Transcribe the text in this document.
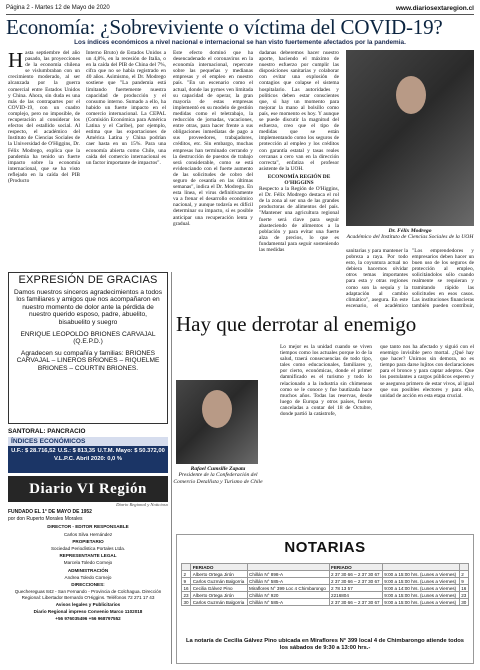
Página 2 - Martes 12 de Mayo de 2020	www.diariosextaregion.cl
Economía: ¿Sobreviviente o víctima del COVID-19?
Los índices económicos a nivel nacional e internacional se han visto fuertemente afectados por la pandemia.
H asta septiembre del año pasado, las proyecciones de la economía chilena se vislumbraban con un crecimiento moderado, al ser alcanzada por la guerra comercial entre Estados Unidos y China. Ahora, sin duda es una más de las contrapartes por el COVID-19, con un cuadro complejo, pero no imposible, de recuperación al considerar los efectos del estallido social. Al respecto, el académico del Instituto de Ciencias Sociales de la Universidad de O'Higgins, Dr. Félix Modrego, explica que la pandemia ha tenido un fuerte impacto sobre la economía internacional, que se ha visto reflejado en la caída del PIB (Producto
Interno Bruto) de Estados Unidos a un 4,8%, en la recesión de Italia, o en la caída del PIB de China del 7%, cifra que no se había registrado en 40 años. Asimismo, el Dr. Modrego sostiene que "La pandemia está limitando fuertemente nuestra capacidad de producción y el consumo interno. Sumado a ello, ha habido un fuerte impacto en el comercio internacional. La CEPAL (Comisión Económica para América Latina y el Caribe), por ejemplo, estima que las exportaciones de América Latina y China podrían caer hasta en un 15%. Para una economía abierta como Chile, una caída del comercio internacional es un factor importante de impactos".
Este efecto dominó que ha desencadenado el coronavirus en la economía internacional, repercute sobre las pequeñas y medianas empresas y el empleo en nuestro país. "En un escenario como el actual, donde las pymes ven limitada su capacidad de operar, la gran mayoría de estas empresas implementó en su modelo de gestión medidas como el teletrabajo, la reducción de jornadas, vacaciones, entre otras, para hacer frente a sus obligaciones inmediatas de pago a sus proveedores, trabajadores, créditos, etc. Sin embargo, muchas empresas han terminado cerrando y la destrucción de puestos de trabajo será considerable, como se está evidenciando con el fuerte aumento de las solicitudes de cobro del seguro de cesantía en las últimas semanas", indica el Dr. Modrego. En esta línea, el virus definitivamente va a frenar el desarrollo económico nacional, y aunque todavía es difícil determinar su impacto, sí es posible anticipar una recuperación lenta y gradual.

dadanas deberemos hacer nuestro aporte, haciendo el máximo de nuestro esfuerzo por cumplir las disposiciones sanitarias y colaborar con evitar una explosión de contagios que colapse el sistema hospitalario. Las autoridades y políticos deben estar conscientes que, si hay un momento para mejorar la mano al bolsillo como país, ese momento es hoy. Y aunque se puede discutir la magnitud del esfuerzo, creo que el tipo de medidas que se están implementando como los seguros de protección al empleo y los créditos con garantía estatal y tasas reales cercanas a cero van en la dirección correcta", enfatiza el profesor asistente de la UOH.

ECONOMÍA REGIÓN DE O'HIGGINS

Respecto a la Región de O'Higgins, el Dr. Félix Modrego destaca el rol de la zona al ser una de las grandes productoras de alimentos del país. "Mantener una agricultura regional fuerte será clave para seguir abasteciendo de alimentos a la población y para evitar una fuerte alza de precios, lo que es fundamental para seguir sosteniendo las medidas

Dr. Félix Modrego
Académico del Instituto de Ciencias Sociales de la UOH
sanitarias y para mantener la pobreza a raya. Por todo esto, la coyuntura actual no debiera hacernos olvidar otros temas importantes para esta y otras regiones como son la sequía y la adaptación al cambio climático", asegura. En este escenario, el académico
"Los emprendedores y empresarios deben hacer un buen uso de los seguros de protección al empleo, solicitándolos sólo cuando realmente se requieran y tramitando rápido las solicitudes en esos casos. Las instituciones financieras también pueden contribuir,
EXPRESIÓN DE GRACIAS

Damos nuestros sinceros agradecimientos a todos los familiares y amigos que nos acompañaron en nuestro momento de dolor ante la pérdida de nuestro querido esposo, padre, abuelito, bisabuelito y suegro

ENRIQUE LEOPOLDO BRIONES CARVAJAL (Q.E.P.D.)

Agradecen su compañía y familias: BRIONES CARVAJAL – LINEROS BRIONES – RIQUELME BRIONES – COURTIN BRIONES.

SANTORAL: PANCRACIO
ÍNDICES ECONÓMICOS
U.F.: $ 28.716,52 U.S.: $ 813,35 U.T.M. Mayo: $ 50.372,00
V.L.P.C. Abril 2020: 0,0 %
Diario VI Región
Diario Regional y Noticioso

FUNDADO EL 1° DE MAYO DE 1952

por don Ruperto Morales Morales

DIRECTOR - EDITOR RESPONSABLE

Carlos Silva Hernández

PROPIETARIO

Sociedad Periodística Portales Ltda.

REPRESENTANTE LEGAL

Marcela Toledo Cornejo

ADMINISTRACIÓN

Andrea Toledo Cornejo

DIRECCIONES:

Quechereguas 842 - San Fernando - Provincia de Colchagua. Dirección Regional: Libertador Bernardo O'Higgins. Teléfonos 72 271 17 43

Avisos legales y Publicitarios

Diario Regional impreso Convenio Marco 1102018

+56 976035496 +56 968797552

Hay que derrotar al enemigo
Rafael Cumsille Zapata
Presidente de la Confederación del Comercio Detallista y Turismo de Chile
Lo mejor es la unidad cuando se viven tiempos como los actuales porque lo de la salud, traerá consecuencias de todo tipo, tales como educacionales, familiares y, por cierto, económicas, donde el primer damnificado es el turismo y todo lo relacionado a la industria sin chimeneas como se le conoce y fue bautizada hace muchos años. Todas las reservas, desde luego de Europa y otros países, fueron canceladas a contar del 18 de Octubre, donde partió la catástrofe,
que tanto nos ha afectado y siguió con el enemigo invisible pero mortal. ¿Qué hay que hacer? Unirnos sin demora, no es tiempo para darse lujitos con declaraciones para el bronce y para captar adeptos. Que los postulantes a cargos públicos esperen y se asegurea primero de estar vivos, al igual que sus posibles electores y para ello, unidad de acción en esta etapa crucial.
NOTARIAS
	FERIADO		FERIADO		
2	Alberto Ortega Jirón	Chillán N° 898-A	2 37 30 66 – 2 37 30 67	9:00 a 15:00 hrs. (Lunes a Viernes)	2
9	Carlos Guzmán Balgorria	Chillán N° 585-A	2 37 30 66 – 2 37 30 67	9:00 a 15:00 hrs. (Lunes a Viernes)	9
16	Cecilia Gálvez Pino	Miraflores N° 399 Loc 4 Chimbarongo	2 78 13 57	9:00 a 14:00 hrs. (Lunes a Viernes)	16
23	Alberto Ortega Jirón	Chillán N° 920	2216804	9:00 a 15:00 hrs. (Lunes a Viernes)	23
30	Carlos Guzmán Balgorria	Chillán N° 585-A	2 37 30 66 – 2 37 30 67	9:00 a 15:00 hrs. (Lunes a Viernes)	30
La notaría de Cecilia Gálvez Pino ubicada en Miraflores N° 399 local 4 de Chimbarongo atiende todos los sábados de 9:30 a 13:00 hrs.-
